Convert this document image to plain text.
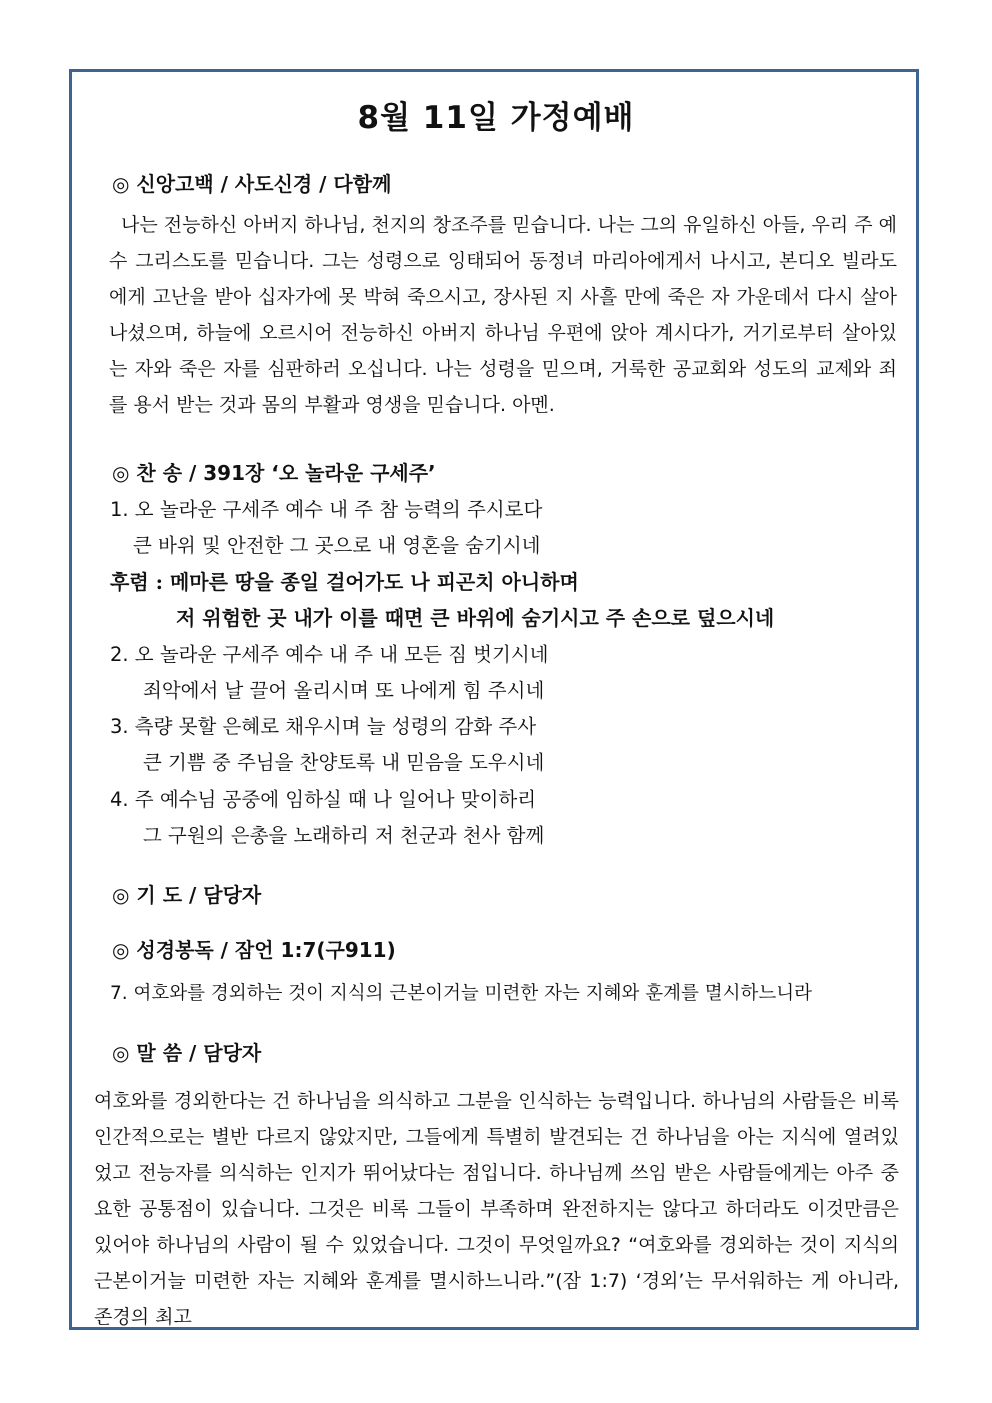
8월 11일 가정예배
◎ 신앙고백 / 사도신경 / 다함께
나는 전능하신 아버지 하나님, 천지의 창조주를 믿습니다. 나는 그의 유일하신 아들, 우리 주 예수 그리스도를 믿습니다. 그는 성령으로 잉태되어 동정녀 마리아에게서 나시고, 본디오 빌라도에게 고난을 받아 십자가에 못 박혀 죽으시고, 장사된 지 사흘 만에 죽은 자 가운데서 다시 살아나셨으며, 하늘에 오르시어 전능하신 아버지 하나님 우편에 앉아 계시다가, 거기로부터 살아있는 자와 죽은 자를 심판하러 오십니다. 나는 성령을 믿으며, 거룩한 공교회와 성도의 교제와 죄를 용서 받는 것과 몸의 부활과 영생을 믿습니다. 아멘.
◎ 찬 송 / 391장 ‘오 놀라운 구세주’
1. 오 놀라운 구세주 예수 내 주 참 능력의 주시로다
큰 바위 및 안전한 그 곳으로 내 영혼을 숨기시네
후렴 : 메마른 땅을 종일 걸어가도 나 피곤치 아니하며
저 위험한 곳 내가 이를 때면 큰 바위에 숨기시고 주 손으로 덮으시네
2. 오 놀라운 구세주 예수 내 주 내 모든 짐 벗기시네
죄악에서 날 끌어 올리시며 또 나에게 힘 주시네
3. 측량 못할 은혜로 채우시며 늘 성령의 감화 주사
큰 기쁨 중 주님을 찬양토록 내 믿음을 도우시네
4. 주 예수님 공중에 임하실 때 나 일어나 맞이하리
그 구원의 은총을 노래하리 저 천군과 천사 함께
◎ 기 도 / 담당자
◎ 성경봉독 / 잠언 1:7(구911)
7. 여호와를 경외하는 것이 지식의 근본이거늘 미련한 자는 지혜와 훈계를 멸시하느니라
◎ 말 씀 / 담당자
여호와를 경외한다는 건 하나님을 의식하고 그분을 인식하는 능력입니다. 하나님의 사람들은 비록 인간적으로는 별반 다르지 않았지만, 그들에게 특별히 발견되는 건 하나님을 아는 지식에 열려있었고 전능자를 의식하는 인지가 뛰어났다는 점입니다. 하나님께 쓰임 받은 사람들에게는 아주 중요한 공통점이 있습니다. 그것은 비록 그들이 부족하며 완전하지는 않다고 하더라도 이것만큼은 있어야 하나님의 사람이 될 수 있었습니다. 그것이 무엇일까요? “여호와를 경외하는 것이 지식의 근본이거늘 미련한 자는 지혜와 훈계를 멸시하느니라.”(잠 1:7) ‘경외’는 무서워하는 게 아니라, 존경의 최고
